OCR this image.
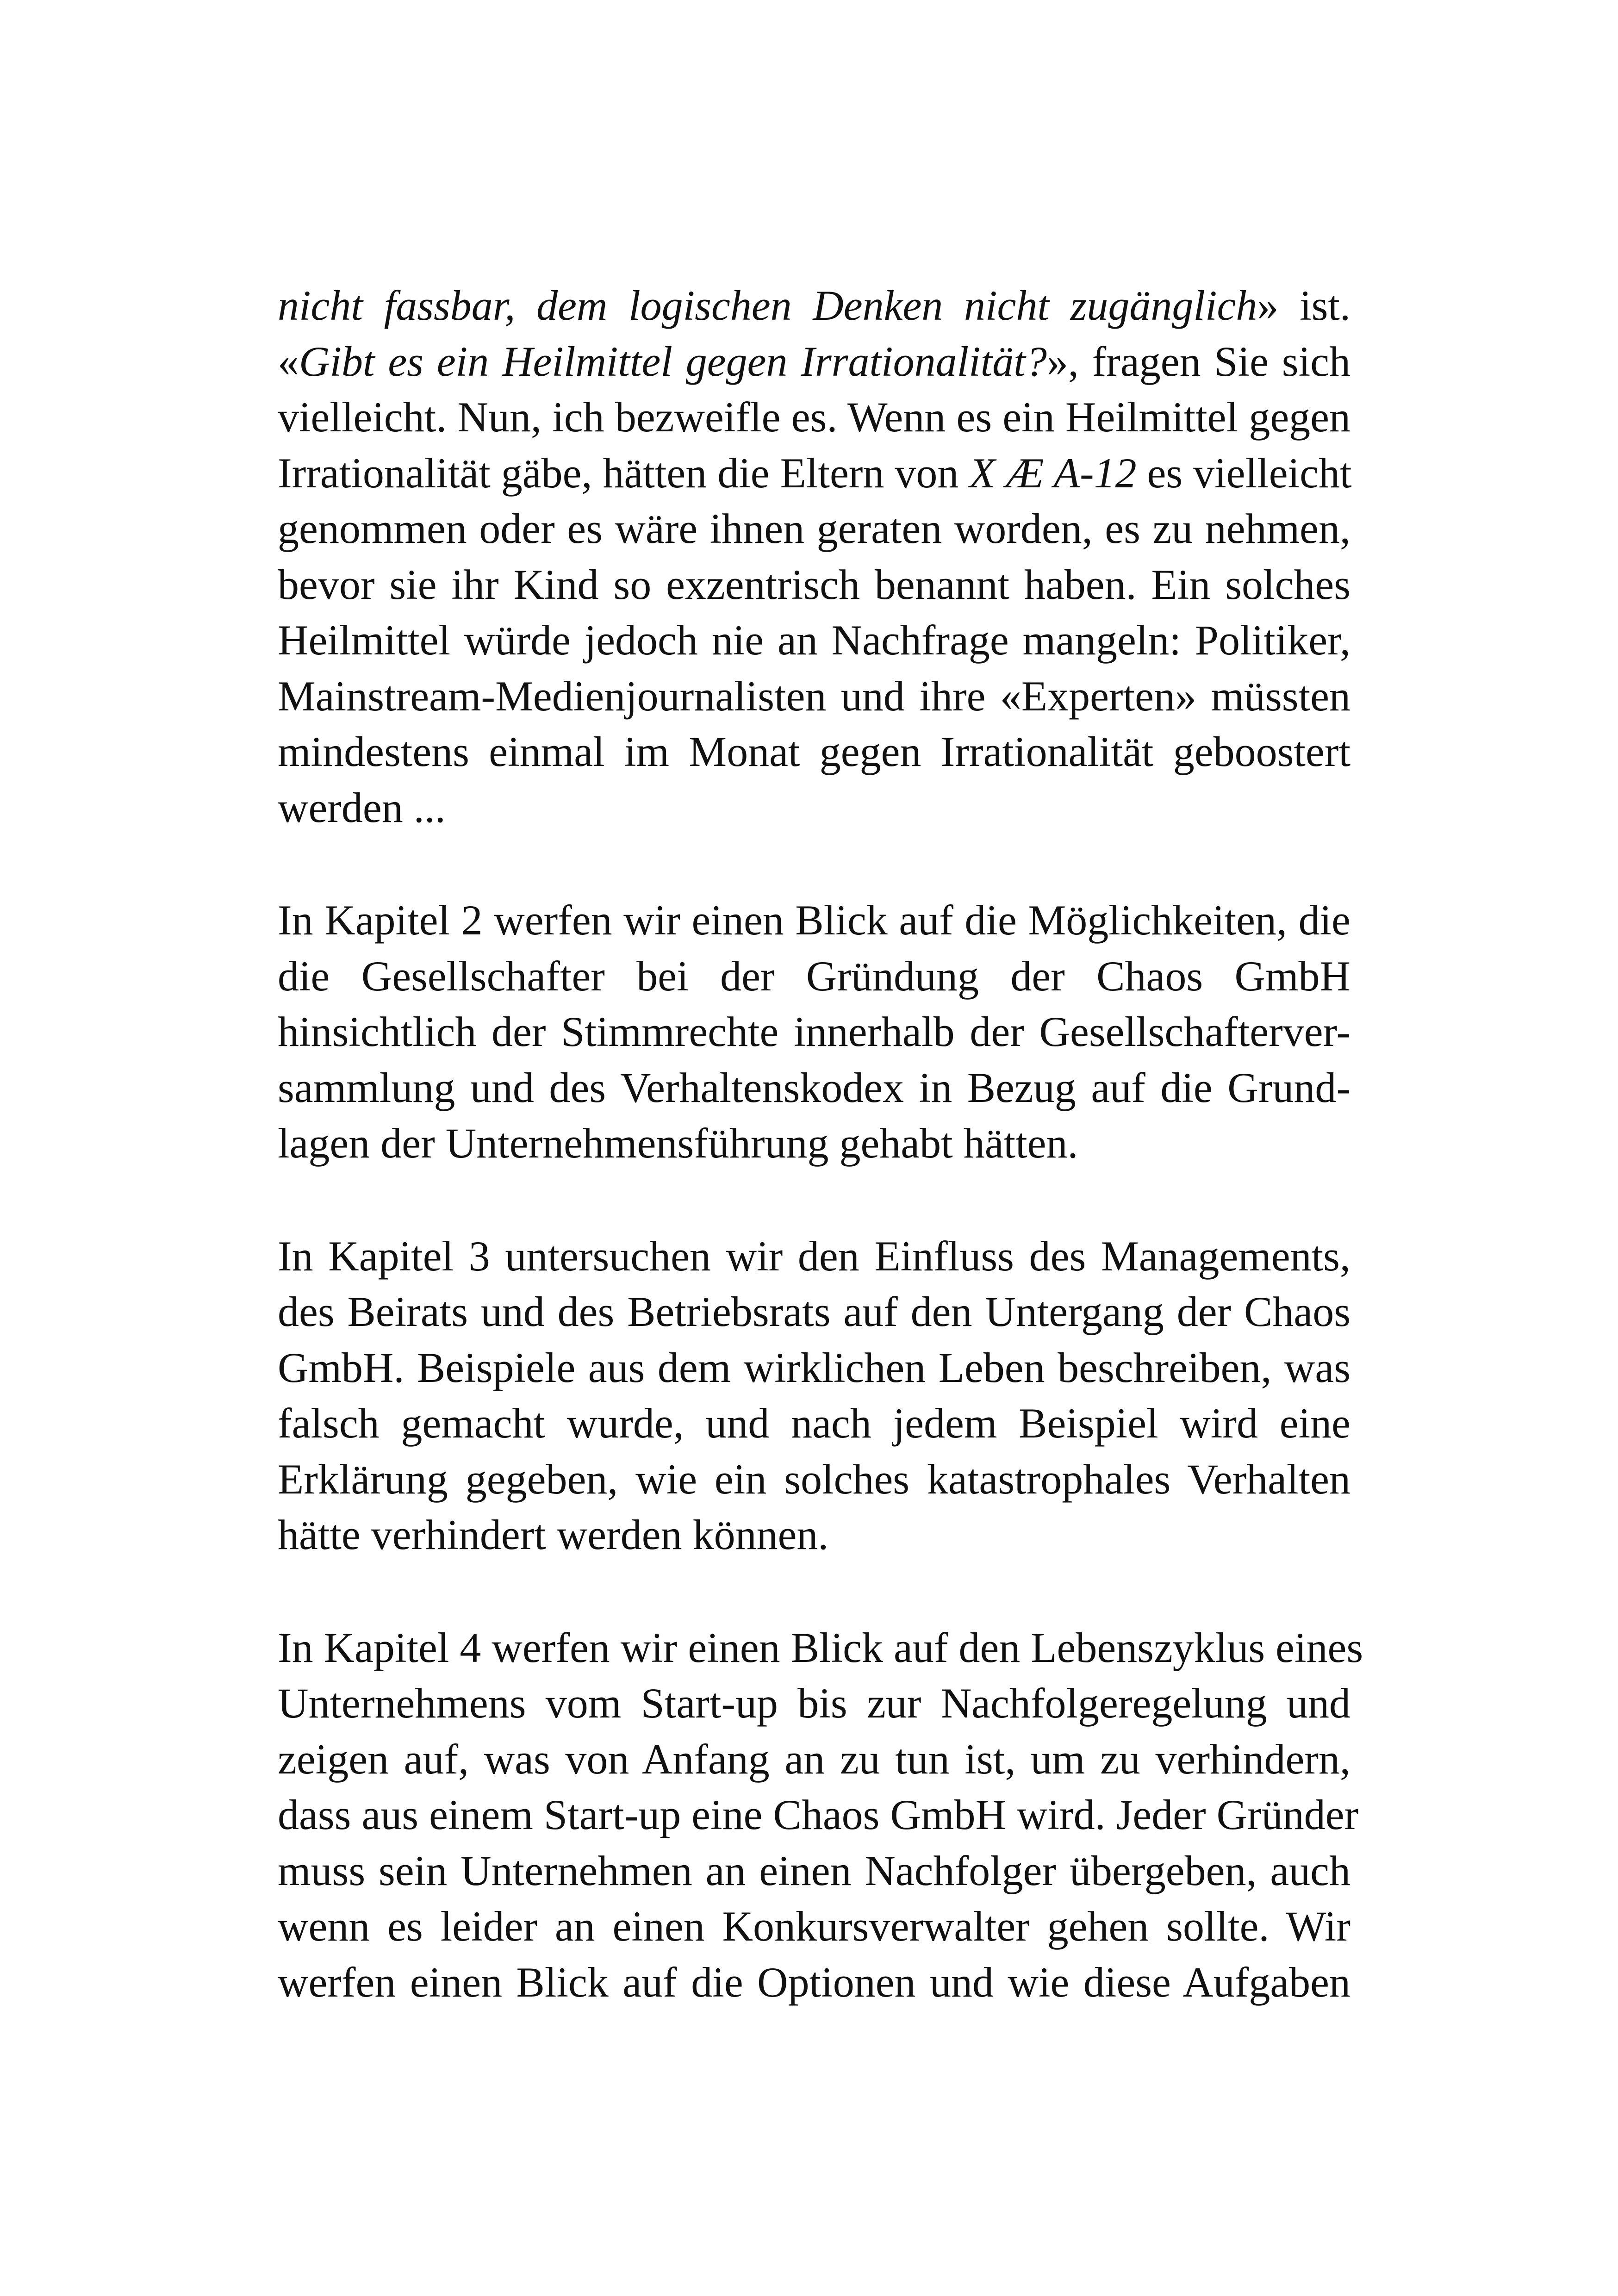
nicht fassbar, dem logischen Denken nicht zugänglich» ist.
«Gibt es ein Heilmittel gegen Irrationalität?», fragen Sie sich
vielleicht. Nun, ich bezweifle es. Wenn es ein Heilmittel gegen
Irrationalität gäbe, hätten die Eltern von X Æ A-12 es vielleicht
genommen oder es wäre ihnen geraten worden, es zu nehmen,
bevor sie ihr Kind so exzentrisch benannt haben. Ein solches
Heilmittel würde jedoch nie an Nachfrage mangeln: Politiker,
Mainstream-Medienjournalisten und ihre «Experten» müssten
mindestens einmal im Monat gegen Irrationalität geboostert
werden ...

In Kapitel 2 werfen wir einen Blick auf die Möglichkeiten, die
die Gesellschafter bei der Gründung der Chaos GmbH
hinsichtlich der Stimmrechte innerhalb der Gesellschafterver-
sammlung und des Verhaltenskodex in Bezug auf die Grund-
lagen der Unternehmensführung gehabt hätten.

In Kapitel 3 untersuchen wir den Einfluss des Managements,
des Beirats und des Betriebsrats auf den Untergang der Chaos
GmbH. Beispiele aus dem wirklichen Leben beschreiben, was
falsch gemacht wurde, und nach jedem Beispiel wird eine
Erklärung gegeben, wie ein solches katastrophales Verhalten
hätte verhindert werden können.

In Kapitel 4 werfen wir einen Blick auf den Lebenszyklus eines
Unternehmens vom Start-up bis zur Nachfolgeregelung und
zeigen auf, was von Anfang an zu tun ist, um zu verhindern,
dass aus einem Start-up eine Chaos GmbH wird. Jeder Gründer
muss sein Unternehmen an einen Nachfolger übergeben, auch
wenn es leider an einen Konkursverwalter gehen sollte. Wir
werfen einen Blick auf die Optionen und wie diese Aufgaben
